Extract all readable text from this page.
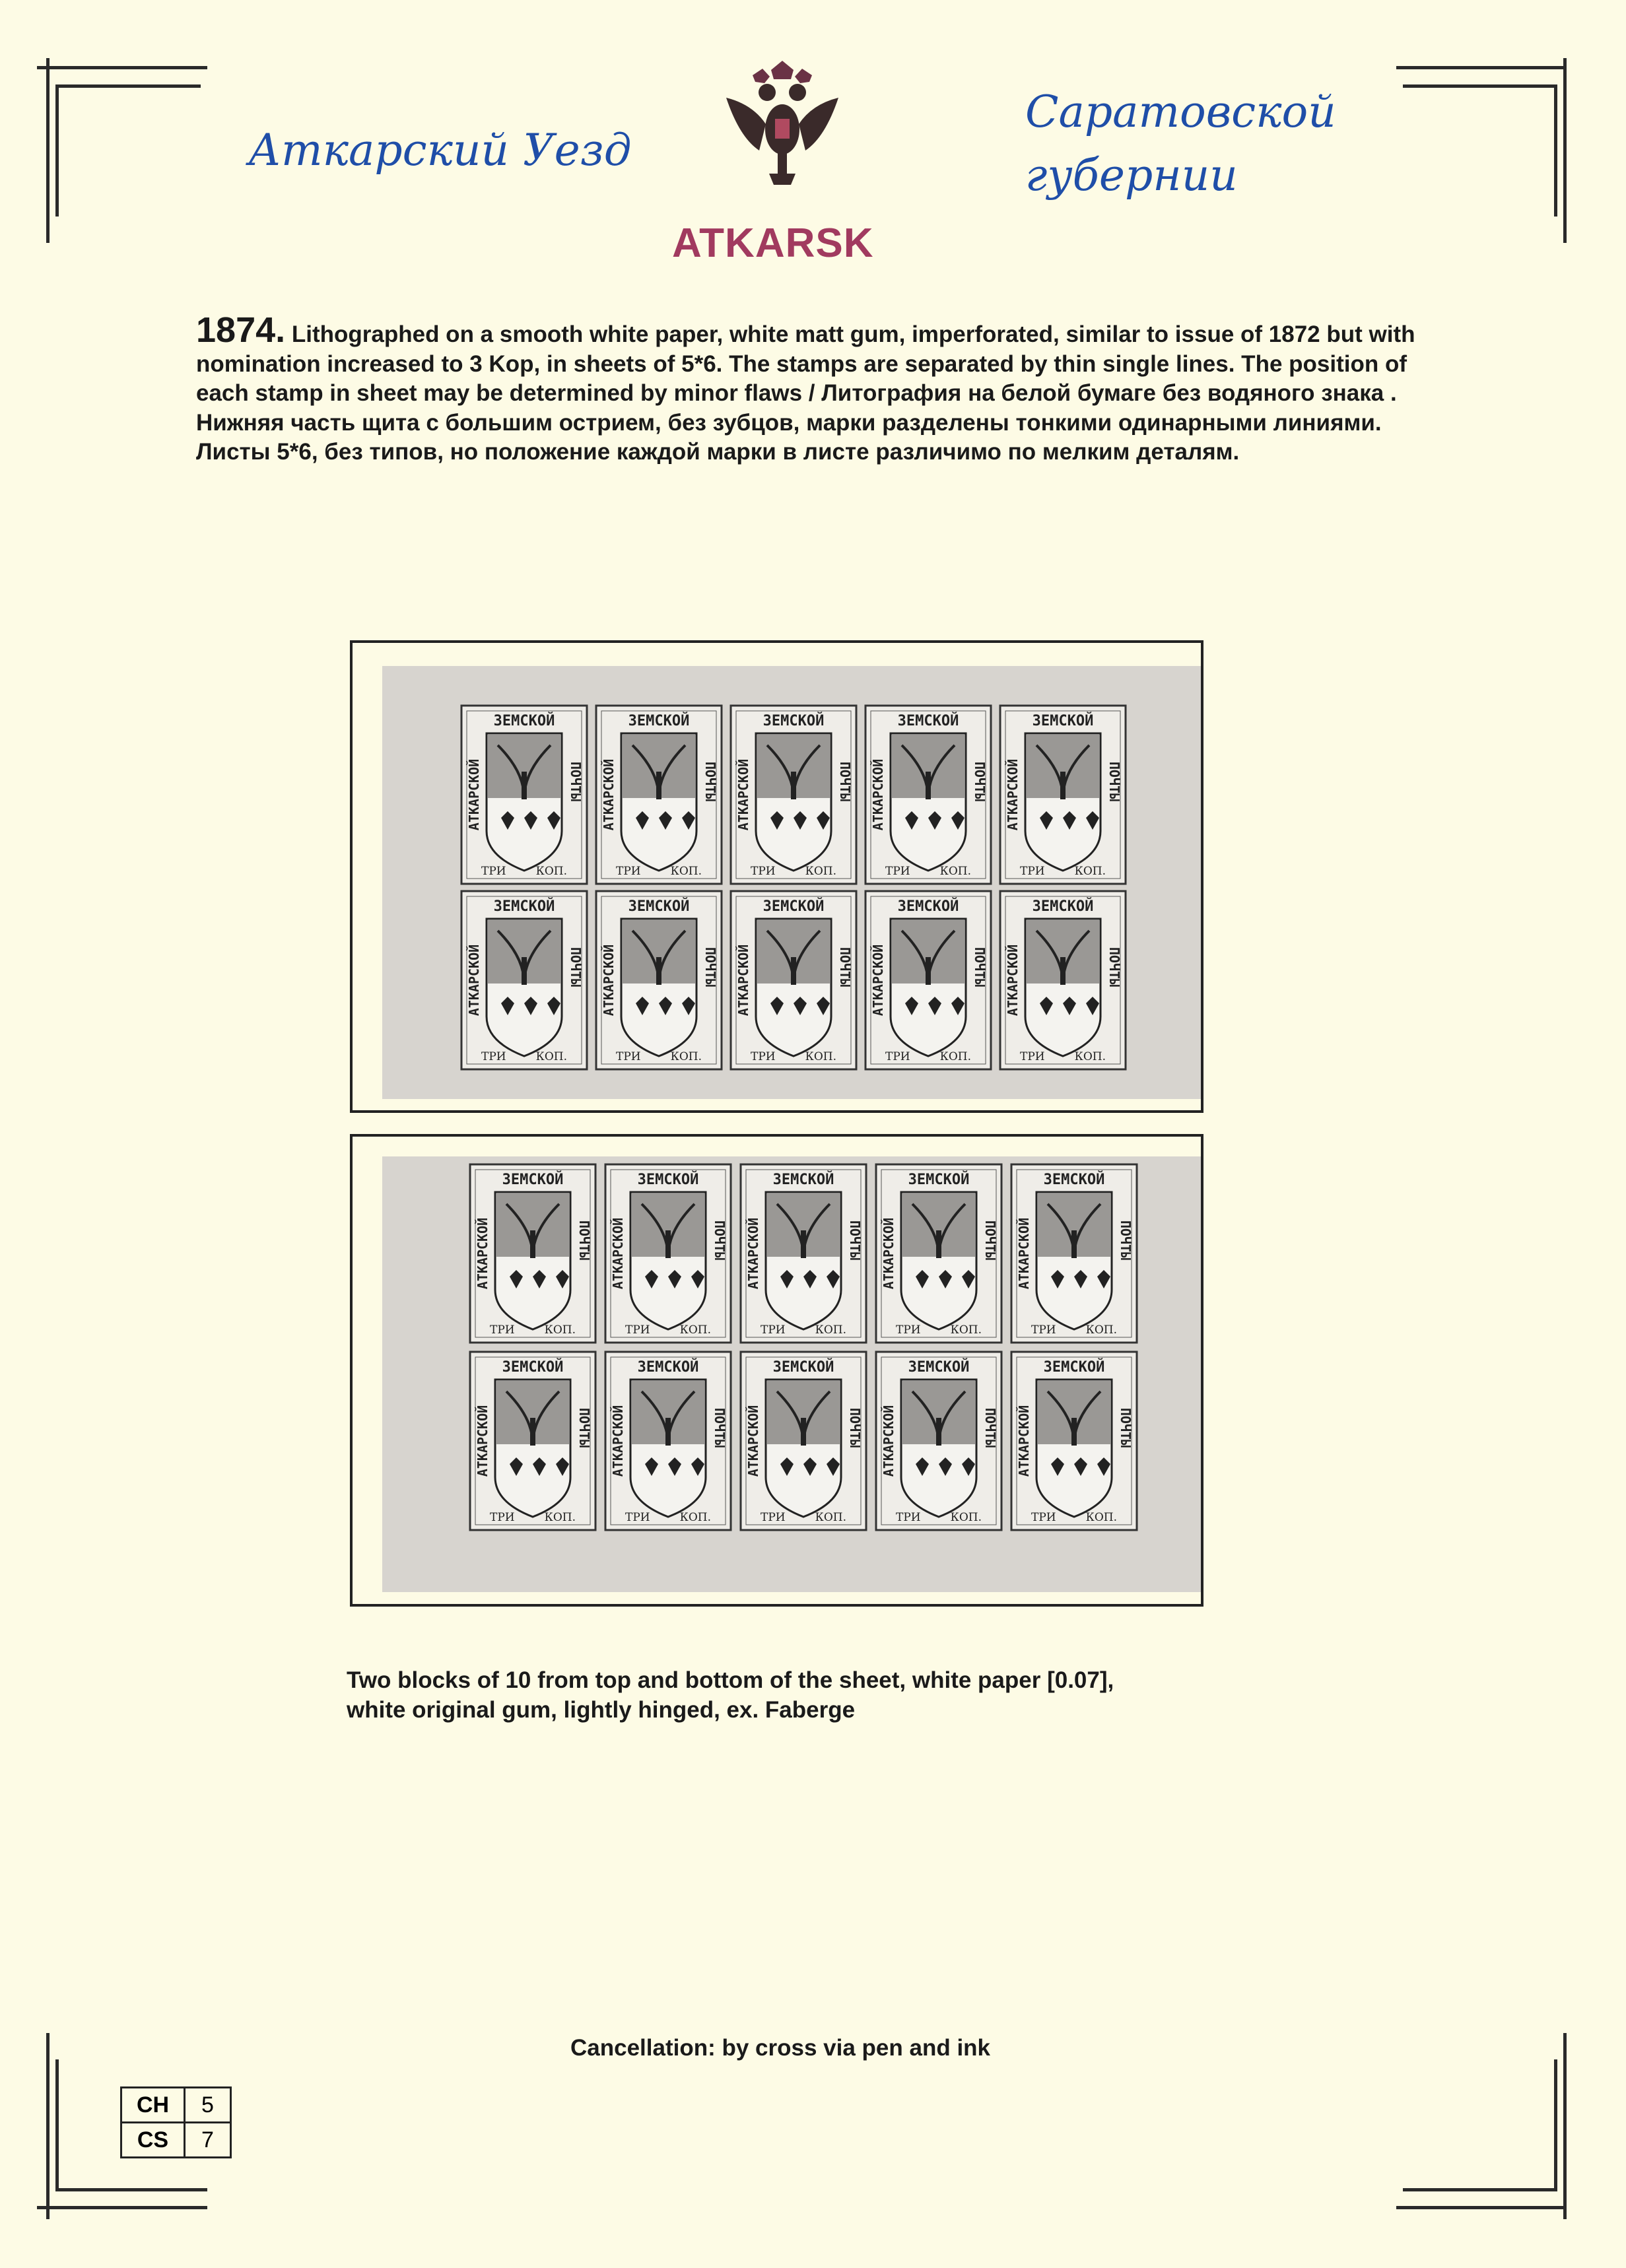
Аткарский Уезд
Саратовской
губернии
ATKARSK
1874. Lithographed on a smooth white paper, white matt gum, imperforated, similar to issue of 1872 but with nomination increased to 3 Kop, in sheets of 5*6. The stamps are separated by thin single lines. The position of each stamp in sheet may be determined by minor flaws / Литография на белой бумаге без водяного знака . Нижняя часть щита с большим острием, без зубцов, марки разделены тонкими одинарными линиями. Листы 5*6, без типов, но положение каждой марки в листе различимо по мелким деталям.
ЗЕМСКОЙ
АТКАРСКОЙ	ПОЧТЫ
ТРИ	КОП.
ЗЕМСКОЙ
АТКАРСКОЙ	ПОЧТЫ
ТРИ	КОП.
ЗЕМСКОЙ
АТКАРСКОЙ	ПОЧТЫ
ТРИ	КОП.
ЗЕМСКОЙ
АТКАРСКОЙ	ПОЧТЫ
ТРИ	КОП.
ЗЕМСКОЙ
АТКАРСКОЙ	ПОЧТЫ
ТРИ	КОП.
ЗЕМСКОЙ
АТКАРСКОЙ	ПОЧТЫ
ТРИ	КОП.
ЗЕМСКОЙ
АТКАРСКОЙ	ПОЧТЫ
ТРИ	КОП.
ЗЕМСКОЙ
АТКАРСКОЙ	ПОЧТЫ
ТРИ	КОП.
ЗЕМСКОЙ
АТКАРСКОЙ	ПОЧТЫ
ТРИ	КОП.
ЗЕМСКОЙ
АТКАРСКОЙ	ПОЧТЫ
ТРИ	КОП.
ЗЕМСКОЙ
АТКАРСКОЙ	ПОЧТЫ
ТРИ	КОП.
ЗЕМСКОЙ
АТКАРСКОЙ	ПОЧТЫ
ТРИ	КОП.
ЗЕМСКОЙ
АТКАРСКОЙ	ПОЧТЫ
ТРИ	КОП.
ЗЕМСКОЙ
АТКАРСКОЙ	ПОЧТЫ
ТРИ	КОП.
ЗЕМСКОЙ
АТКАРСКОЙ	ПОЧТЫ
ТРИ	КОП.
ЗЕМСКОЙ
АТКАРСКОЙ	ПОЧТЫ
ТРИ	КОП.
ЗЕМСКОЙ
АТКАРСКОЙ	ПОЧТЫ
ТРИ	КОП.
ЗЕМСКОЙ
АТКАРСКОЙ	ПОЧТЫ
ТРИ	КОП.
ЗЕМСКОЙ
АТКАРСКОЙ	ПОЧТЫ
ТРИ	КОП.
ЗЕМСКОЙ
АТКАРСКОЙ	ПОЧТЫ
ТРИ	КОП.
Two blocks of 10 from top and bottom of the sheet, white paper [0.07],
white original gum, lightly hinged, ex. Faberge
Cancellation: by cross via pen and ink
CH	5
CS	7
